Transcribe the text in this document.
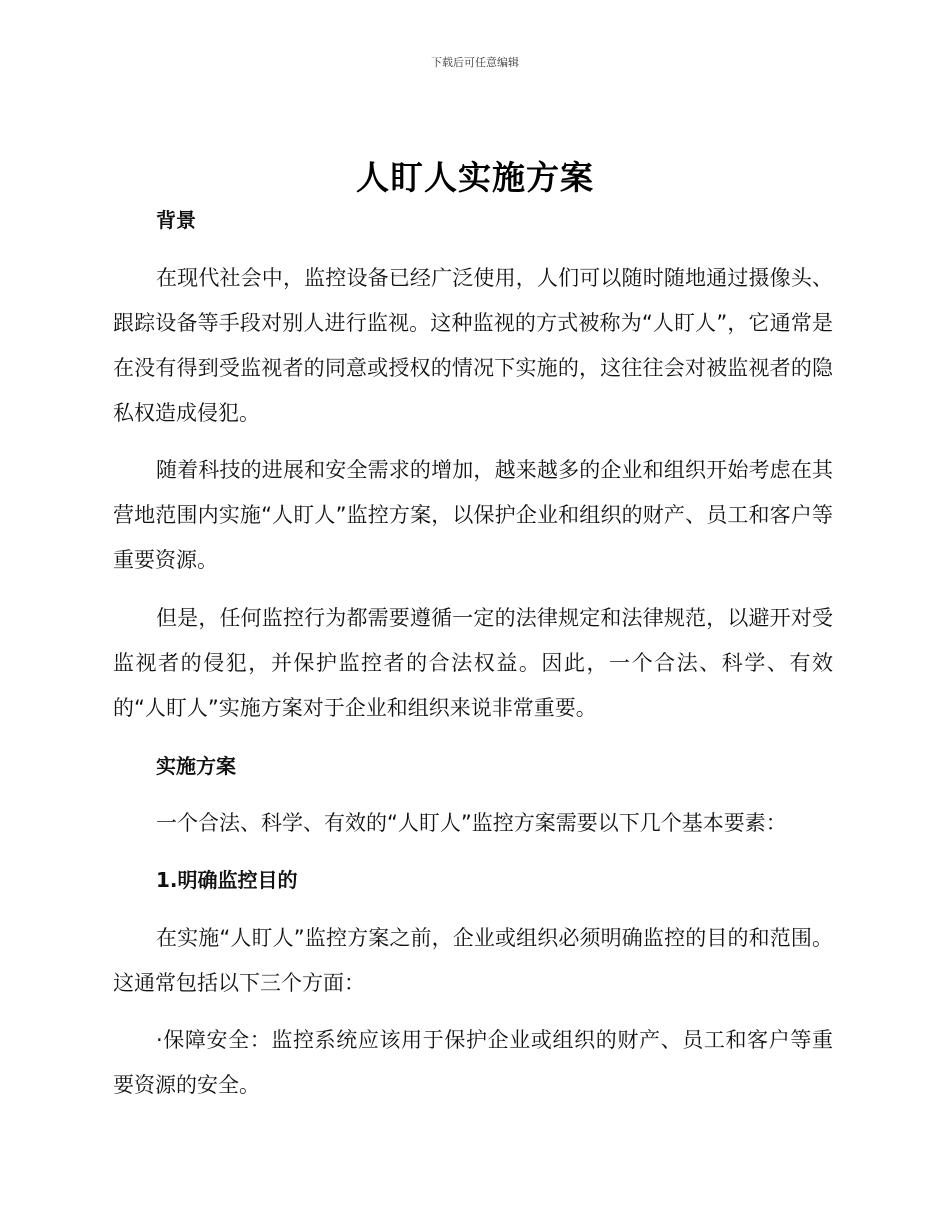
下载后可任意编辑
人盯人实施方案
背景
在现代社会中，监控设备已经广泛使用，人们可以随时随地通过摄像头、跟踪设备等手段对别人进行监视。这种监视的方式被称为“人盯人”，它通常是在没有得到受监视者的同意或授权的情况下实施的，这往往会对被监视者的隐私权造成侵犯。
随着科技的进展和安全需求的增加，越来越多的企业和组织开始考虑在其营地范围内实施“人盯人”监控方案，以保护企业和组织的财产、员工和客户等重要资源。
但是，任何监控行为都需要遵循一定的法律规定和法律规范，以避开对受监视者的侵犯，并保护监控者的合法权益。因此，一个合法、科学、有效的“人盯人”实施方案对于企业和组织来说非常重要。
实施方案
一个合法、科学、有效的“人盯人”监控方案需要以下几个基本要素：
1.明确监控目的
在实施“人盯人”监控方案之前，企业或组织必须明确监控的目的和范围。这通常包括以下三个方面：
·保障安全：监控系统应该用于保护企业或组织的财产、员工和客户等重要资源的安全。
